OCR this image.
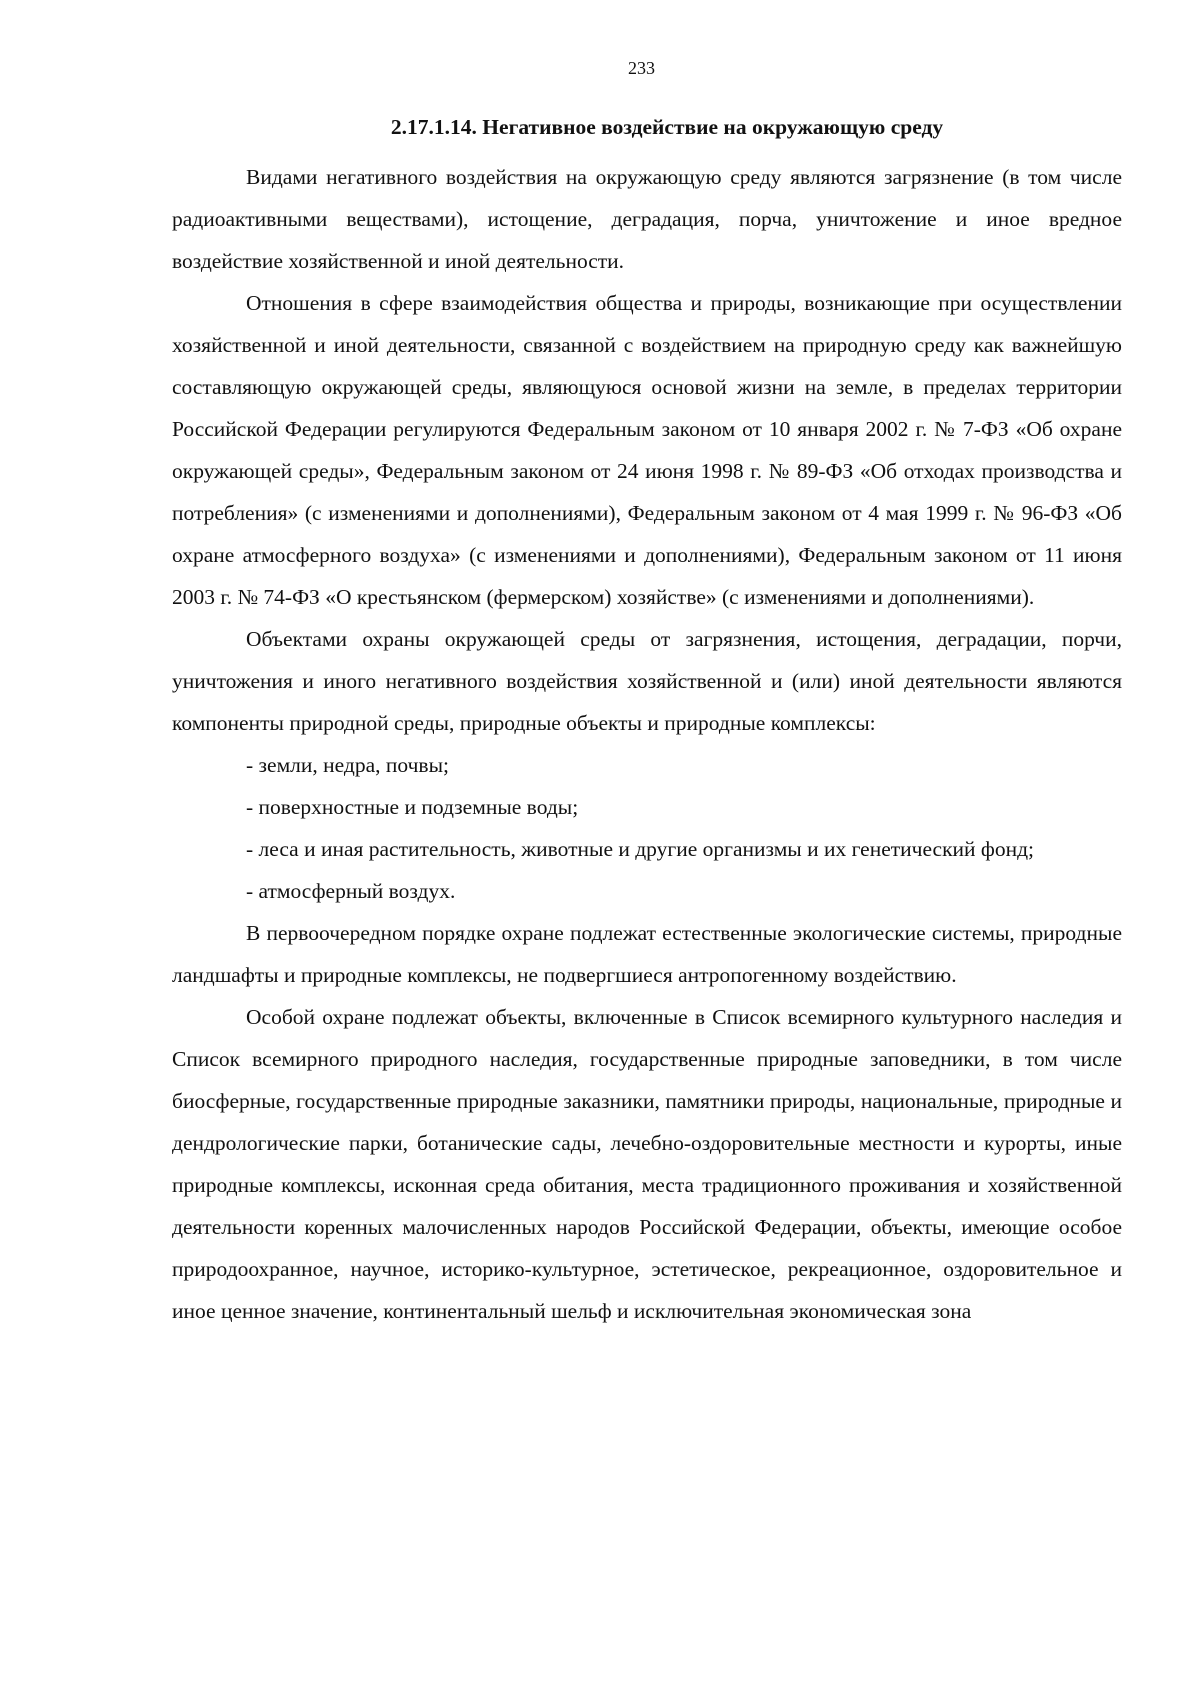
233

2.17.1.14. Негативное воздействие на окружающую среду

Видами негативного воздействия на окружающую среду являются загрязнение (в том числе радиоактивными веществами), истощение, деградация, порча, уничтожение и иное вредное воздействие хозяйственной и иной деятельности.

Отношения в сфере взаимодействия общества и природы, возникающие при осуществлении хозяйственной и иной деятельности, связанной с воздействием на природную среду как важнейшую составляющую окружающей среды, являющуюся основой жизни на земле, в пределах территории Российской Федерации регулируются Федеральным законом от 10 января 2002 г. № 7-ФЗ «Об охране окружающей среды», Федеральным законом от 24 июня 1998 г. № 89-ФЗ «Об отходах производства и потребления» (с изменениями и дополнениями), Федеральным законом от 4 мая 1999 г. № 96-ФЗ «Об охране атмосферного воздуха» (с изменениями и дополнениями), Федеральным законом от 11 июня 2003 г. № 74-ФЗ «О крестьянском (фермерском) хозяйстве» (с изменениями и дополнениями).

Объектами охраны окружающей среды от загрязнения, истощения, деградации, порчи, уничтожения и иного негативного воздействия хозяйственной и (или) иной деятельности являются компоненты природной среды, природные объекты и природные комплексы:

- земли, недра, почвы;

- поверхностные и подземные воды;

- леса и иная растительность, животные и другие организмы и их генетический фонд;

- атмосферный воздух.

В первоочередном порядке охране подлежат естественные экологические системы, природные ландшафты и природные комплексы, не подвергшиеся антропогенному воздействию.

Особой охране подлежат объекты, включенные в Список всемирного культурного наследия и Список всемирного природного наследия, государственные природные заповедники, в том числе биосферные, государственные природные заказники, памятники природы, национальные, природные и дендрологические парки, ботанические сады, лечебно-оздоровительные местности и курорты, иные природные комплексы, исконная среда обитания, места традиционного проживания и хозяйственной деятельности коренных малочисленных народов Российской Федерации, объекты, имеющие особое природоохранное, научное, историко-культурное, эстетическое, рекреационное, оздоровительное и иное ценное значение, континентальный шельф и исключительная экономическая зона
